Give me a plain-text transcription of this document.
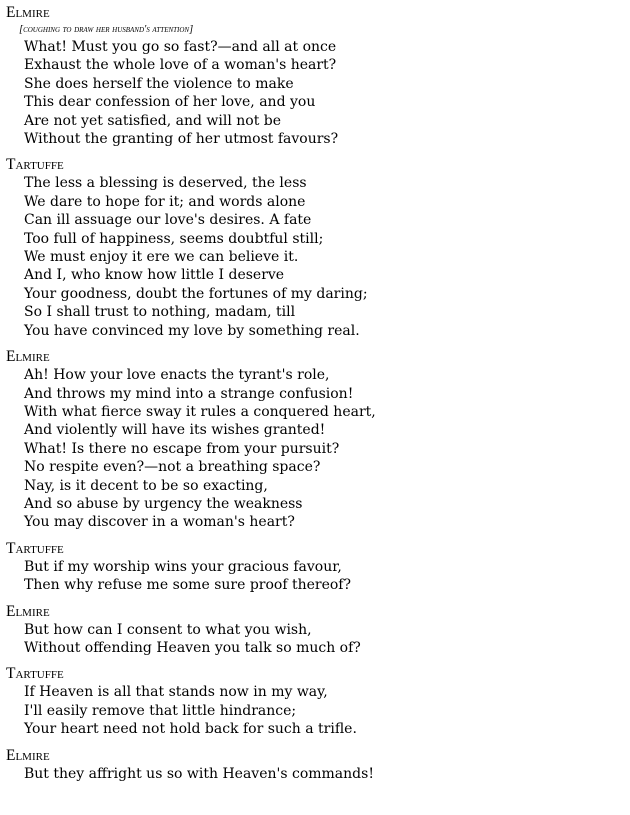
Elmire
[coughing to draw her husband's attention]
What! Must you go so fast?—and all at once
Exhaust the whole love of a woman's heart?
She does herself the violence to make
This dear confession of her love, and you
Are not yet satisfied, and will not be
Without the granting of her utmost favours?
Tartuffe
The less a blessing is deserved, the less
We dare to hope for it; and words alone
Can ill assuage our love's desires. A fate
Too full of happiness, seems doubtful still;
We must enjoy it ere we can believe it.
And I, who know how little I deserve
Your goodness, doubt the fortunes of my daring;
So I shall trust to nothing, madam, till
You have convinced my love by something real.
Elmire
Ah! How your love enacts the tyrant's role,
And throws my mind into a strange confusion!
With what fierce sway it rules a conquered heart,
And violently will have its wishes granted!
What! Is there no escape from your pursuit?
No respite even?—not a breathing space?
Nay, is it decent to be so exacting,
And so abuse by urgency the weakness
You may discover in a woman's heart?
Tartuffe
But if my worship wins your gracious favour,
Then why refuse me some sure proof thereof?
Elmire
But how can I consent to what you wish,
Without offending Heaven you talk so much of?
Tartuffe
If Heaven is all that stands now in my way,
I'll easily remove that little hindrance;
Your heart need not hold back for such a trifle.
Elmire
But they affright us so with Heaven's commands!
